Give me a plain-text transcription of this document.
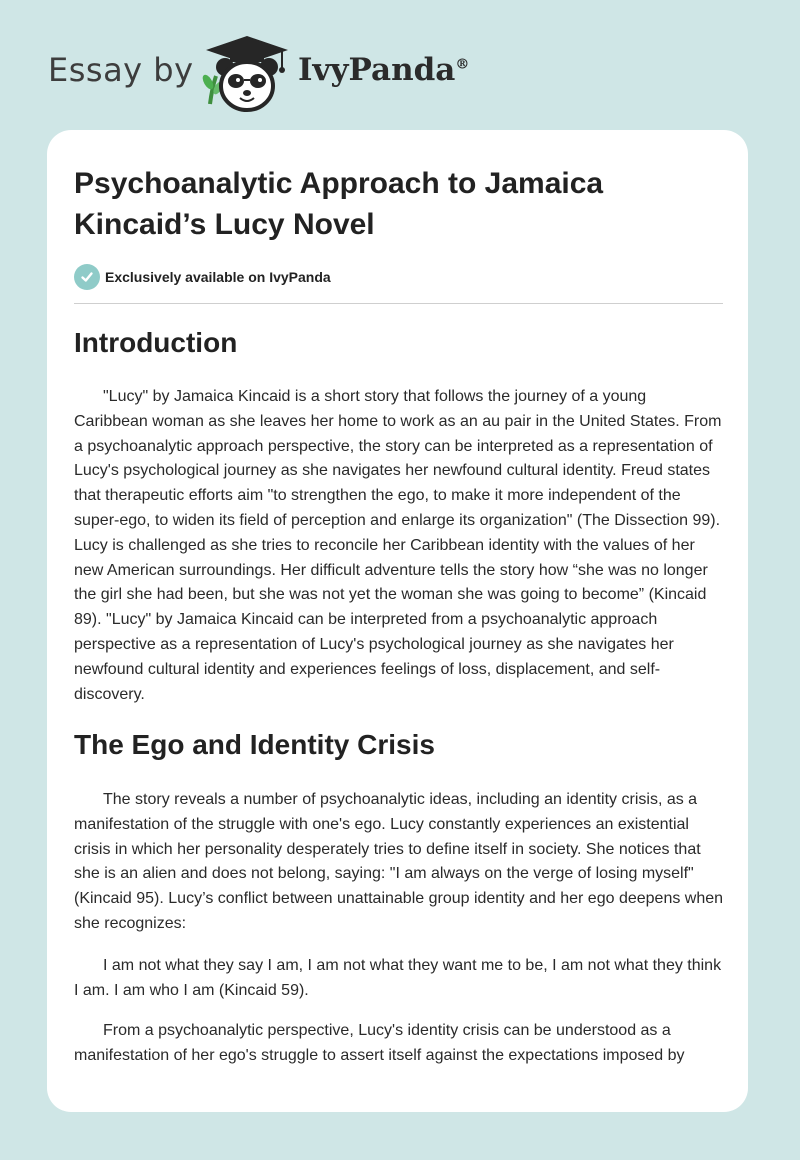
Essay by	IvyPanda®
Psychoanalytic Approach to Jamaica Kincaid’s Lucy Novel
Exclusively available on IvyPanda
Introduction

"Lucy" by Jamaica Kincaid is a short story that follows the journey of a young Caribbean woman as she leaves her home to work as an au pair in the United States. From a psychoanalytic approach perspective, the story can be interpreted as a representation of Lucy's psychological journey as she navigates her newfound cultural identity. Freud states that therapeutic efforts aim "to strengthen the ego, to make it more independent of the super-ego, to widen its field of perception and enlarge its organization" (The Dissection 99). Lucy is challenged as she tries to reconcile her Caribbean identity with the values of her new American surroundings. Her difficult adventure tells the story how “she was no longer the girl she had been, but she was not yet the woman she was going to become” (Kincaid 89). "Lucy" by Jamaica Kincaid can be interpreted from a psychoanalytic approach perspective as a representation of Lucy's psychological journey as she navigates her newfound cultural identity and experiences feelings of loss, displacement, and self-discovery.

The Ego and Identity Crisis

The story reveals a number of psychoanalytic ideas, including an identity crisis, as a manifestation of the struggle with one's ego. Lucy constantly experiences an existential crisis in which her personality desperately tries to define itself in society. She notices that she is an alien and does not belong, saying: "I am always on the verge of losing myself" (Kincaid 95). Lucy’s conflict between unattainable group identity and her ego deepens when she recognizes:

I am not what they say I am, I am not what they want me to be, I am not what they think I am. I am who I am (Kincaid 59).

From a psychoanalytic perspective, Lucy's identity crisis can be understood as a manifestation of her ego's struggle to assert itself against the expectations imposed by
